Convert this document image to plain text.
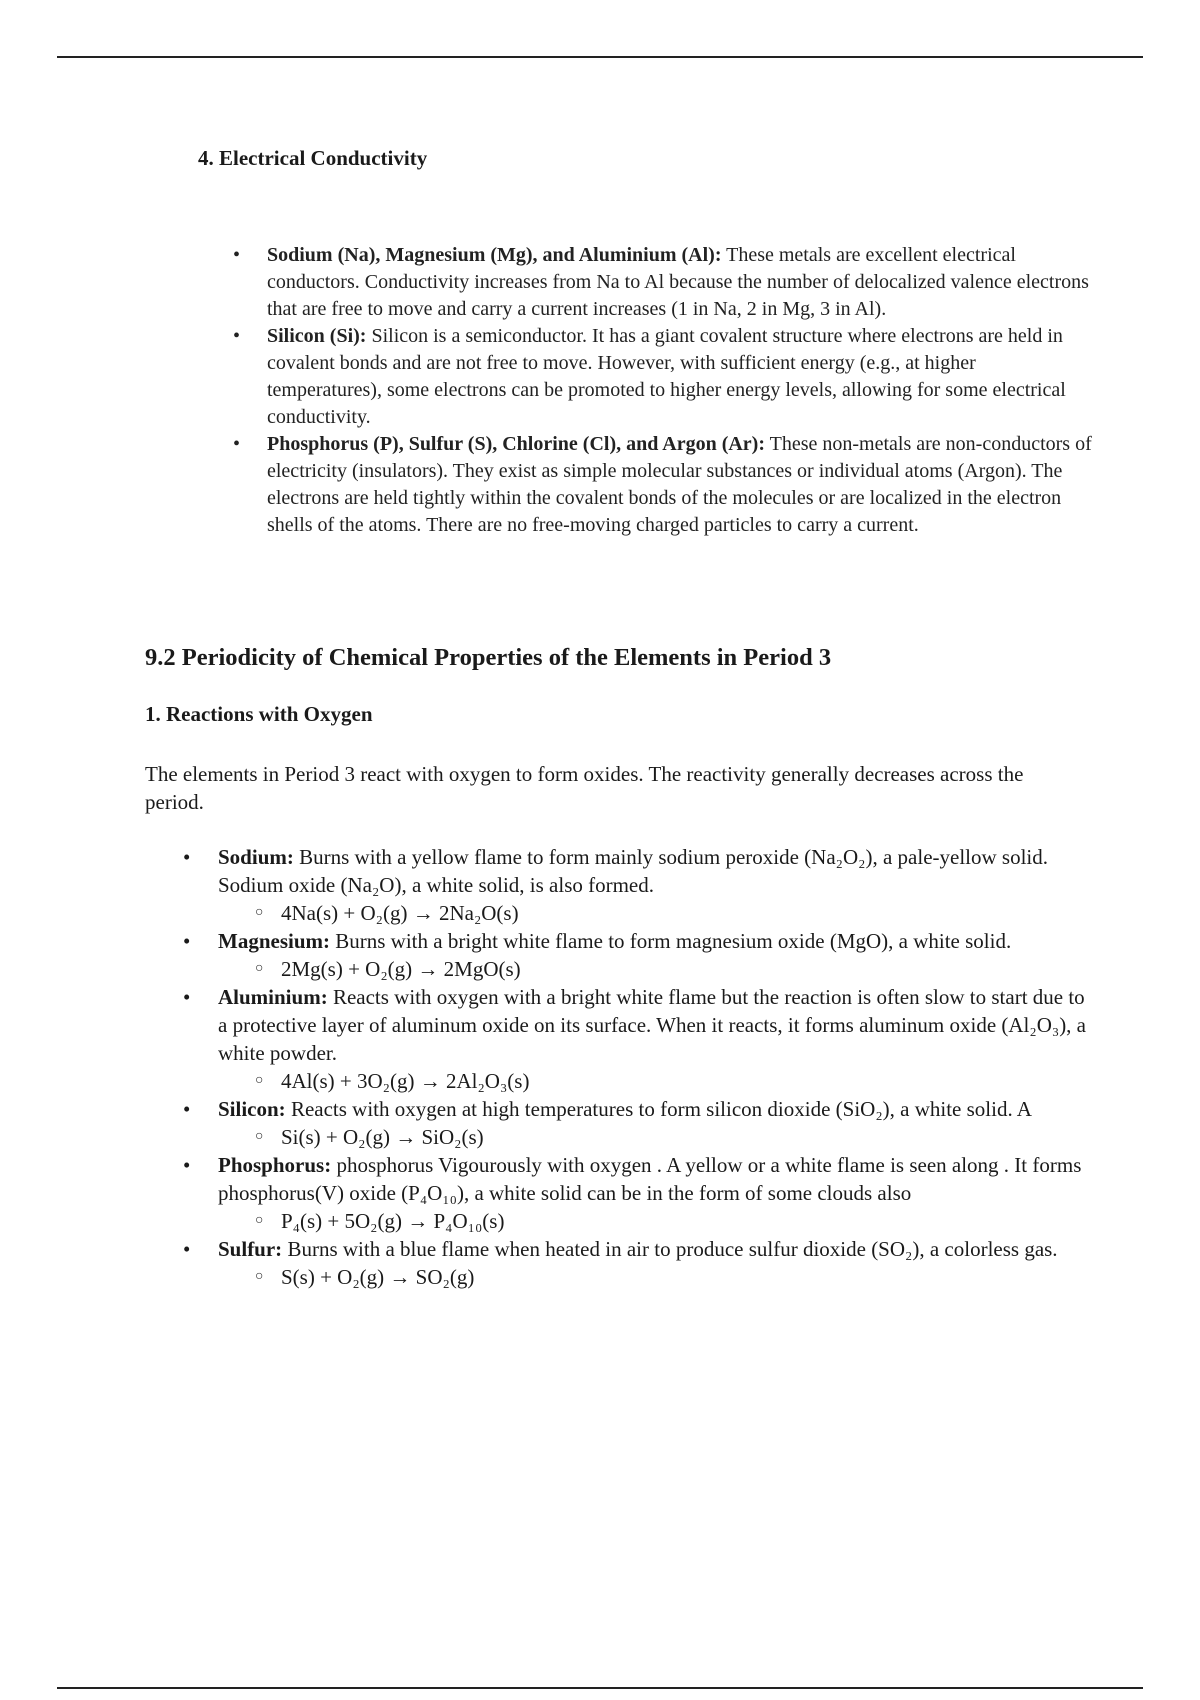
4. Electrical Conductivity
• Sodium (Na), Magnesium (Mg), and Aluminium (Al): These metals are excellent electrical conductors. Conductivity increases from Na to Al because the number of delocalized valence electrons that are free to move and carry a current increases (1 in Na, 2 in Mg, 3 in Al).
• Silicon (Si): Silicon is a semiconductor. It has a giant covalent structure where electrons are held in covalent bonds and are not free to move. However, with sufficient energy (e.g., at higher temperatures), some electrons can be promoted to higher energy levels, allowing for some electrical conductivity.
• Phosphorus (P), Sulfur (S), Chlorine (Cl), and Argon (Ar): These non-metals are non-conductors of electricity (insulators). They exist as simple molecular substances or individual atoms (Argon). The electrons are held tightly within the covalent bonds of the molecules or are localized in the electron shells of the atoms. There are no free-moving charged particles to carry a current.
9.2 Periodicity of Chemical Properties of the Elements in Period 3
1. Reactions with Oxygen

The elements in Period 3 react with oxygen to form oxides. The reactivity generally decreases across the period.

• Sodium: Burns with a yellow flame to form mainly sodium peroxide (Na₂O₂), a pale-yellow solid. Sodium oxide (Na₂O), a white solid, is also formed.
○ 4Na(s) + O₂(g) → 2Na₂O(s)
• Magnesium: Burns with a bright white flame to form magnesium oxide (MgO), a white solid.
○ 2Mg(s) + O₂(g) → 2MgO(s)
• Aluminium: Reacts with oxygen with a bright white flame but the reaction is often slow to start due to a protective layer of aluminum oxide on its surface. When it reacts, it forms aluminum oxide (Al₂O₃), a white powder.
○ 4Al(s) + 3O₂(g) → 2Al₂O₃(s)
• Silicon: Reacts with oxygen at high temperatures to form silicon dioxide (SiO₂), a white solid. A
○ Si(s) + O₂(g) → SiO₂(s)
• Phosphorus: phosphorus Vigourously with oxygen . A yellow or a white flame is seen along . It forms phosphorus(V) oxide (P₄O₁₀), a white solid can be in the form of some clouds also
○ P₄(s) + 5O₂(g) → P₄O₁₀(s)
• Sulfur: Burns with a blue flame when heated in air to produce sulfur dioxide (SO₂), a colorless gas.
○ S(s) + O₂(g) → SO₂(g)
